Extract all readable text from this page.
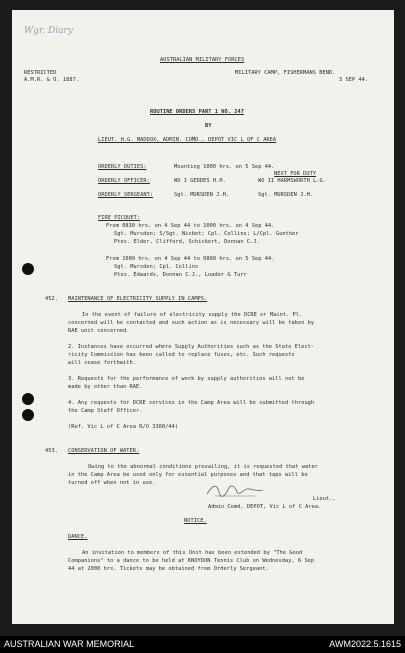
Wgr. Diary

AUSTRALIAN MILITARY FORCES

RESTRICTED

A.M.R. & O. 1887.

MILITARY CAMP, FISHERMANS BEND.

3 SEP 44.

ROUTINE ORDERS PART 1 NO. 247

BY

LIEUT. H.G. MADDOX, ADMIN. COMD., DEPOT VIC L OF C AREA

ORDERLY DUTIES:	Mounting 1000 hrs. on 5 Sep 44.

NEXT FOR DUTY

ORDERLY OFFICER:	WO 1 GEDDES H.H.	WO II HARMSWORTH L.G.

ORDERLY SERGEANT:	Sgt. MURSDEN J.H.	Sgt. MURSDEN J.H.

FIRE PICQUET:

From 0830 hrs. on 4 Sep 44 to 1000 hrs. on 4 Sep 44.

Sgt. Mursden; S/Sgt. Nisbet; Cpl. Collins; L/Cpl. Gunther

Ptes. Elder, Clifford, Schickert, Donnan C.J.

From 1000 hrs. on 4 Sep 44 to 0800 hrs. on 5 Sep 44.

Sgt. Mursden; Cpl. Collins

Ptes. Edwards, Donnan C.J., Loader & Turr

452. MAINTENANCE OF ELECTRICITY SUPPLY IN CAMPS.

In the event of failure of electricity supply the DCRE or Maint. Pl.

concerned will be contacted and such action as is necessary will be taken by

RAE unit concerned.

2. Instances have occurred where Supply Authorities such as the State Elect-

ricity Commission has been called to replace fuses, etc. Such requests

will cease forthwith.

3. Requests for the performance of work by supply authorities will not be

made by other than RAE.

4. Any requests for DCRE services in the Camp Area will be submitted through

the Camp Staff Officer.

(Ref. Vic L of C Area R/O 3360/44)

453. CONSERVATION OF WATER.

Owing to the abnormal conditions prevailing, it is requested that water

in the Camp Area be used only for essential purposes and that taps will be

turned off when not in use.

Lieut.,

Admin Comd, DEPOT, Vic L of C Area.

NOTICE.

DANCE.

An invitation to members of this Unit has been extended by "The Good

Companions" to a dance to be held at KNOYDON Tennis Club on Wednesday, 6 Sep

44 at 2000 hrs. Tickets may be obtained from Orderly Sergeant.

AUSTRALIAN WAR MEMORIAL	AWM2022.5.1615
